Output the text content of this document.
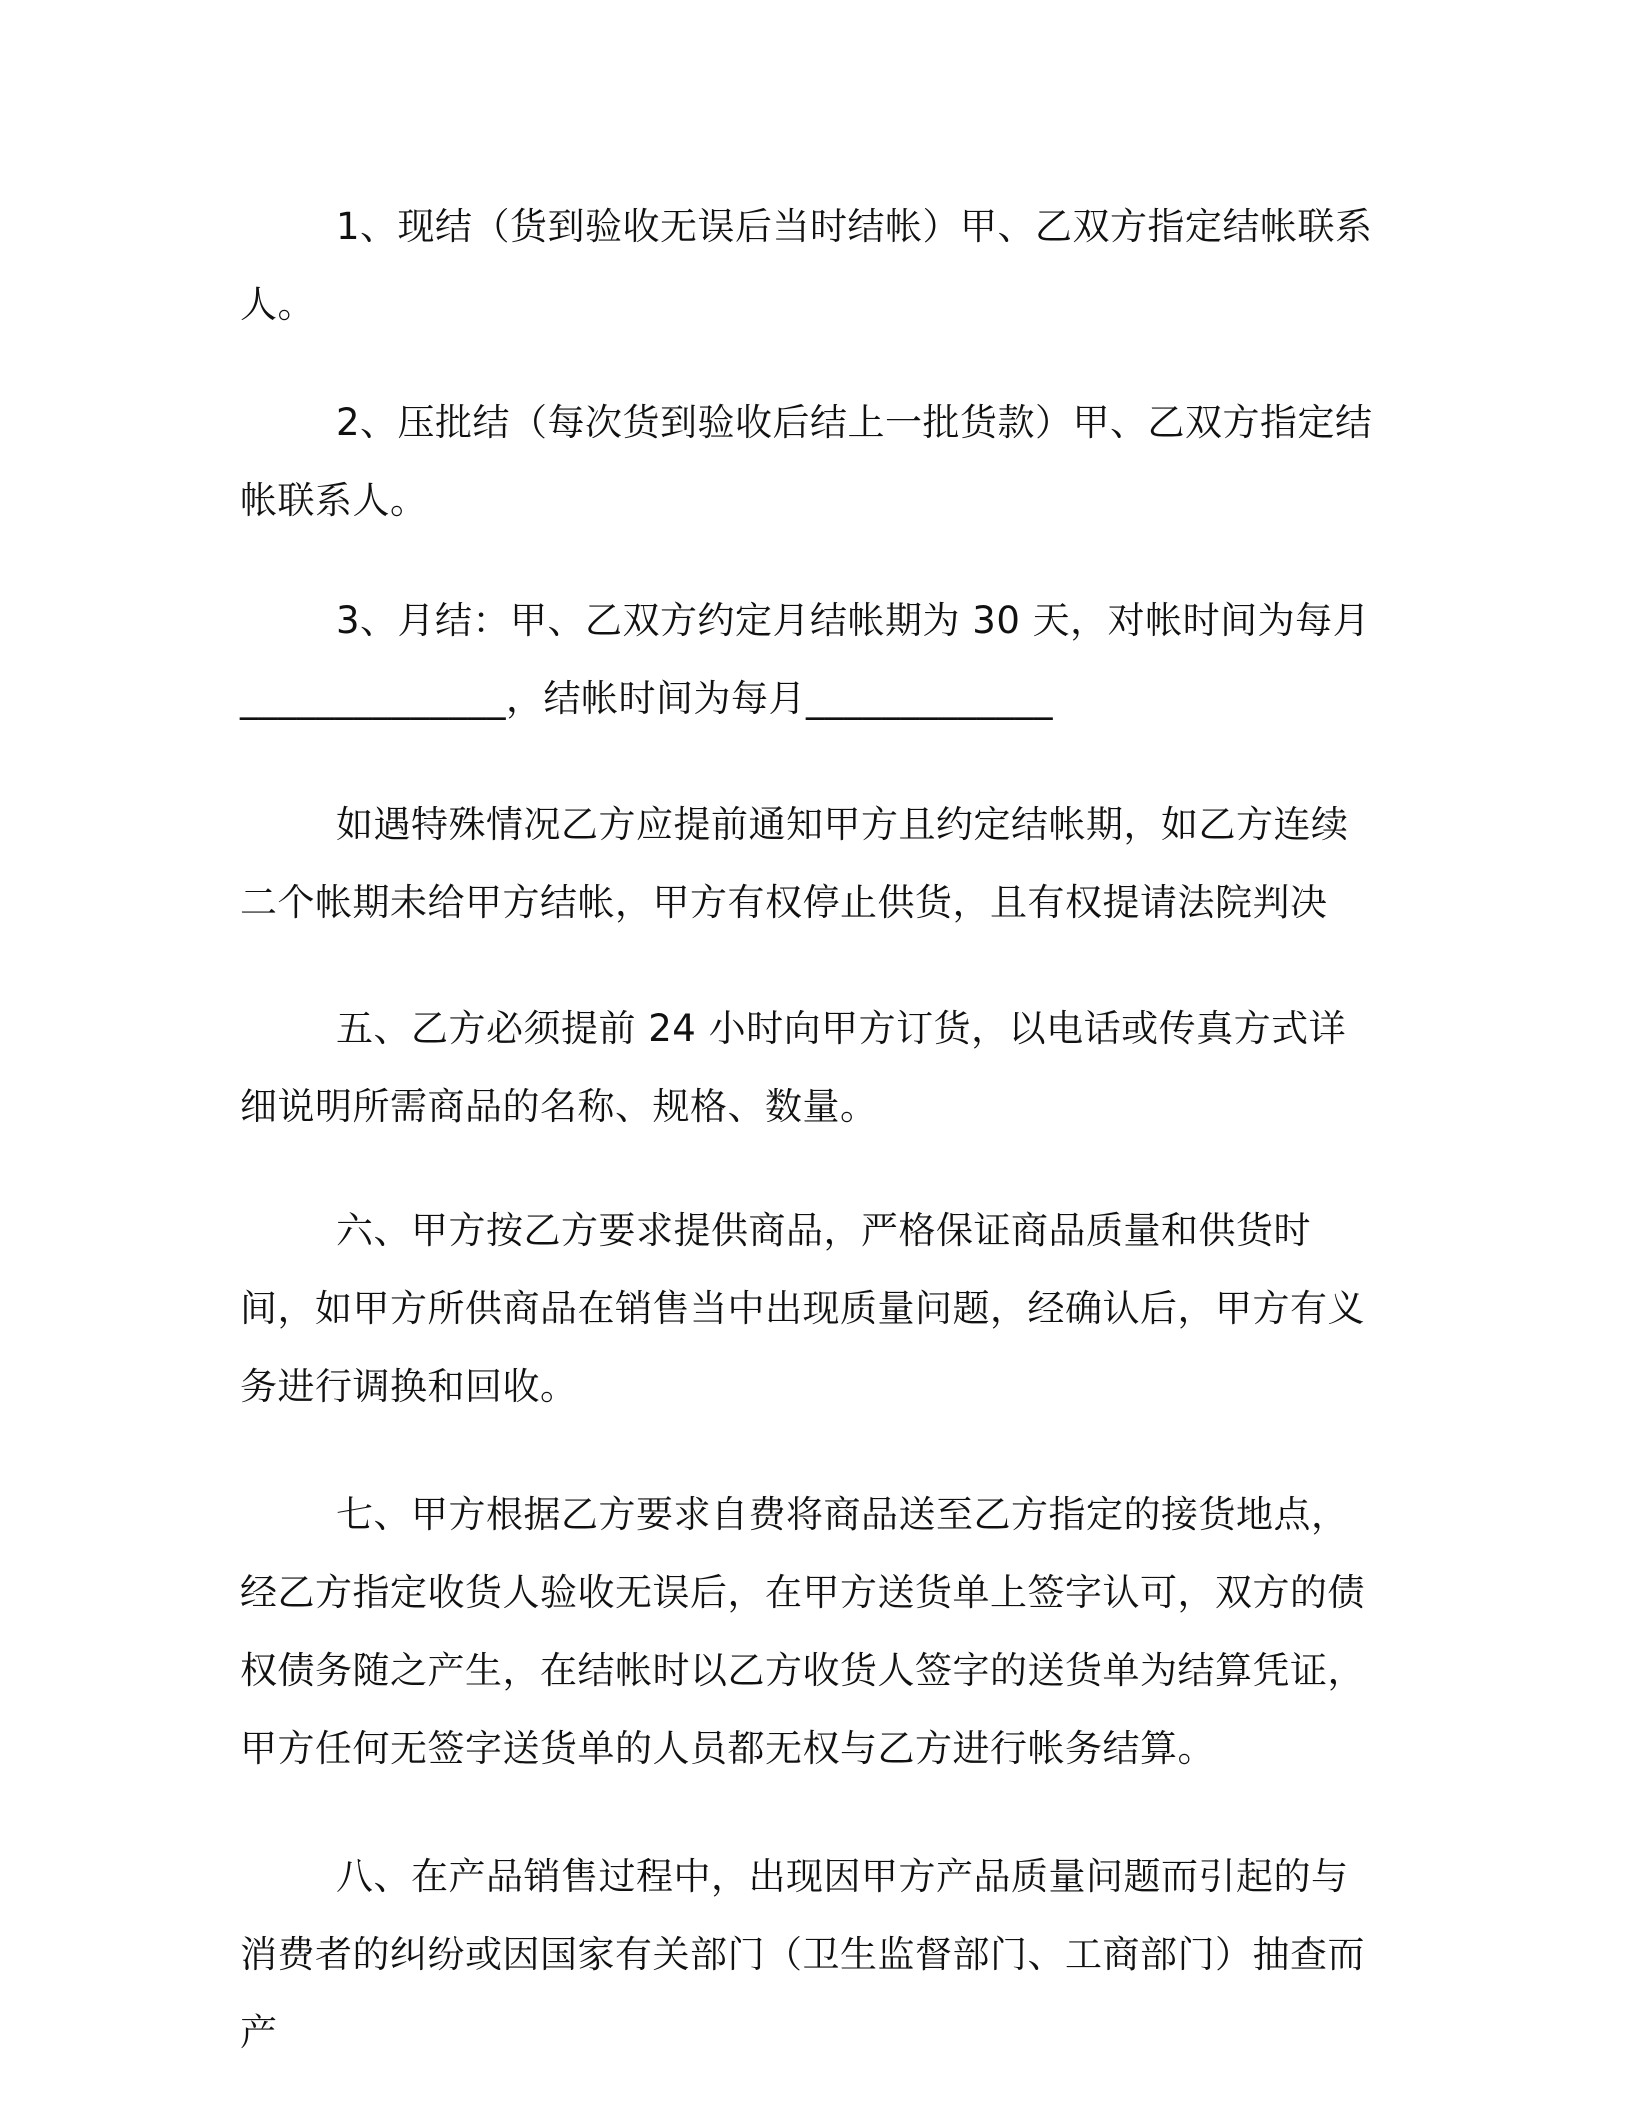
1、现结（货到验收无误后当时结帐）甲、乙双方指定结帐联系人。

2、压批结（每次货到验收后结上一批货款）甲、乙双方指定结帐联系人。

3、月结：甲、乙双方约定月结帐期为 30 天，对帐时间为每月______________，结帐时间为每月_____________

如遇特殊情况乙方应提前通知甲方且约定结帐期，如乙方连续二个帐期未给甲方结帐，甲方有权停止供货，且有权提请法院判决

五、乙方必须提前 24 小时向甲方订货，以电话或传真方式详细说明所需商品的名称、规格、数量。

六、甲方按乙方要求提供商品，严格保证商品质量和供货时间，如甲方所供商品在销售当中出现质量问题，经确认后，甲方有义务进行调换和回收。

七、甲方根据乙方要求自费将商品送至乙方指定的接货地点，经乙方指定收货人验收无误后，在甲方送货单上签字认可，双方的债权债务随之产生，在结帐时以乙方收货人签字的送货单为结算凭证，甲方任何无签字送货单的人员都无权与乙方进行帐务结算。

八、在产品销售过程中，出现因甲方产品质量问题而引起的与消费者的纠纷或因国家有关部门（卫生监督部门、工商部门）抽查而产
